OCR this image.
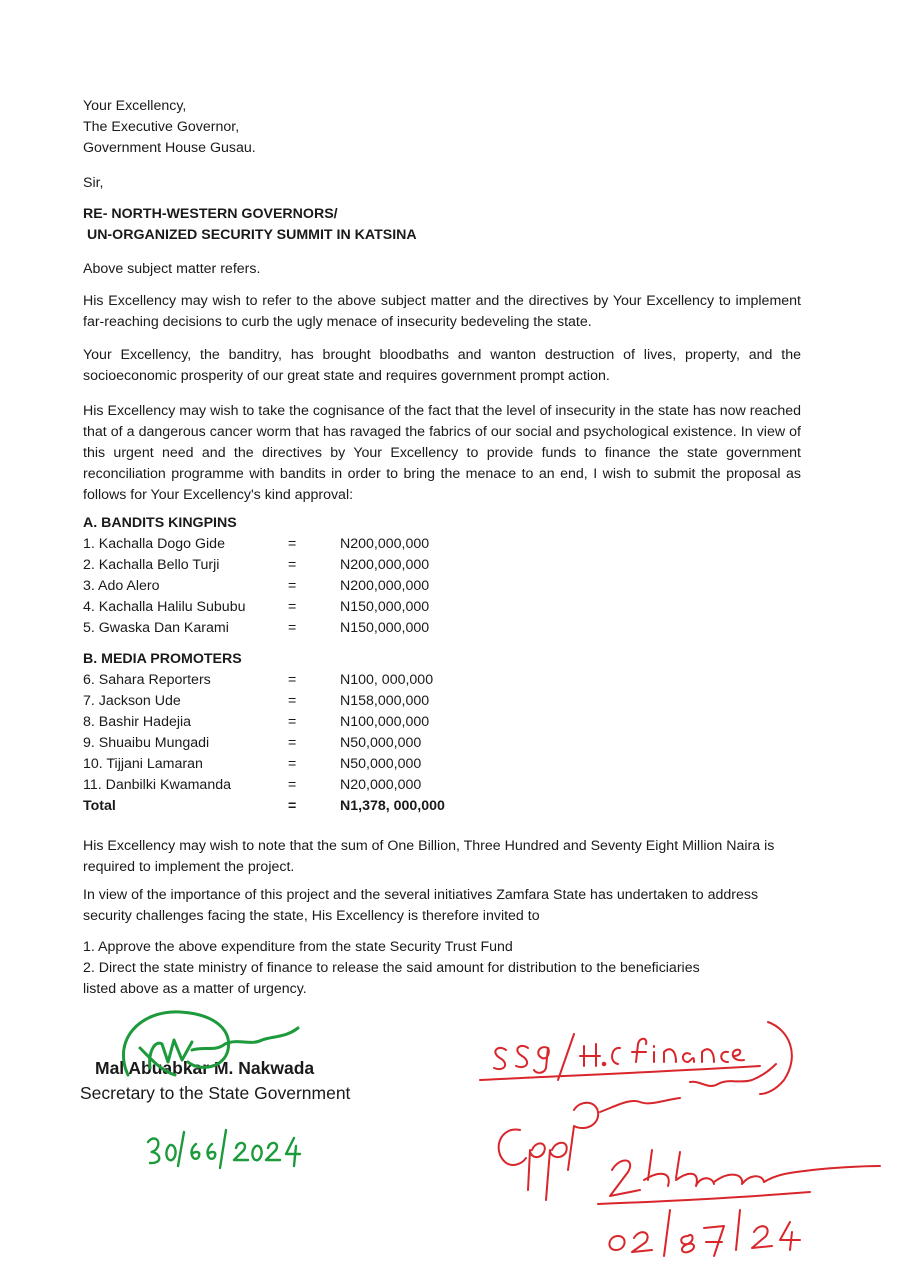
Your Excellency,
The Executive Governor,
Government House Gusau.
Sir,
RE- NORTH-WESTERN GOVERNORS/
UN-ORGANIZED SECURITY SUMMIT IN KATSINA
Above subject matter refers.
His Excellency may wish to refer to the above subject matter and the directives by Your Excellency to implement far-reaching decisions to curb the ugly menace of insecurity bedeveling the state.
Your Excellency, the banditry, has brought bloodbaths and wanton destruction of lives, property, and the socioeconomic prosperity of our great state and requires government prompt action.
His Excellency may wish to take the cognisance of the fact that the level of insecurity in the state has now reached that of a dangerous cancer worm that has ravaged the fabrics of our social and psychological existence. In view of this urgent need and the directives by Your Excellency to provide funds to finance the state government reconciliation programme with bandits in order to bring the menace to an end, I wish to submit the proposal as follows for Your Excellency's kind approval:
A. BANDITS KINGPINS
1. Kachalla Dogo Gide	=	N200,000,000
2. Kachalla Bello Turji	=	N200,000,000
3. Ado Alero	=	N200,000,000
4. Kachalla Halilu Sububu	=	N150,000,000
5. Gwaska Dan Karami	=	N150,000,000
B. MEDIA PROMOTERS
6. Sahara Reporters	=	N100, 000,000
7. Jackson Ude	=	N158,000,000
8. Bashir Hadejia	=	N100,000,000
9. Shuaibu Mungadi	=	N50,000,000
10. Tijjani Lamaran	=	N50,000,000
11. Danbilki Kwamanda	=	N20,000,000
Total	=	N1,378, 000,000
His Excellency may wish to note that the sum of One Billion, Three Hundred and Seventy Eight Million Naira is required to implement the project.
In view of the importance of this project and the several initiatives Zamfara State has undertaken to address security challenges facing the state, His Excellency is therefore invited to
1. Approve the above expenditure from the state Security Trust Fund
2. Direct the state ministry of finance to release the said amount for distribution to the beneficiaries
listed above as a matter of urgency.
Mal Abuabkar M. Nakwada
Secretary to the State Government
